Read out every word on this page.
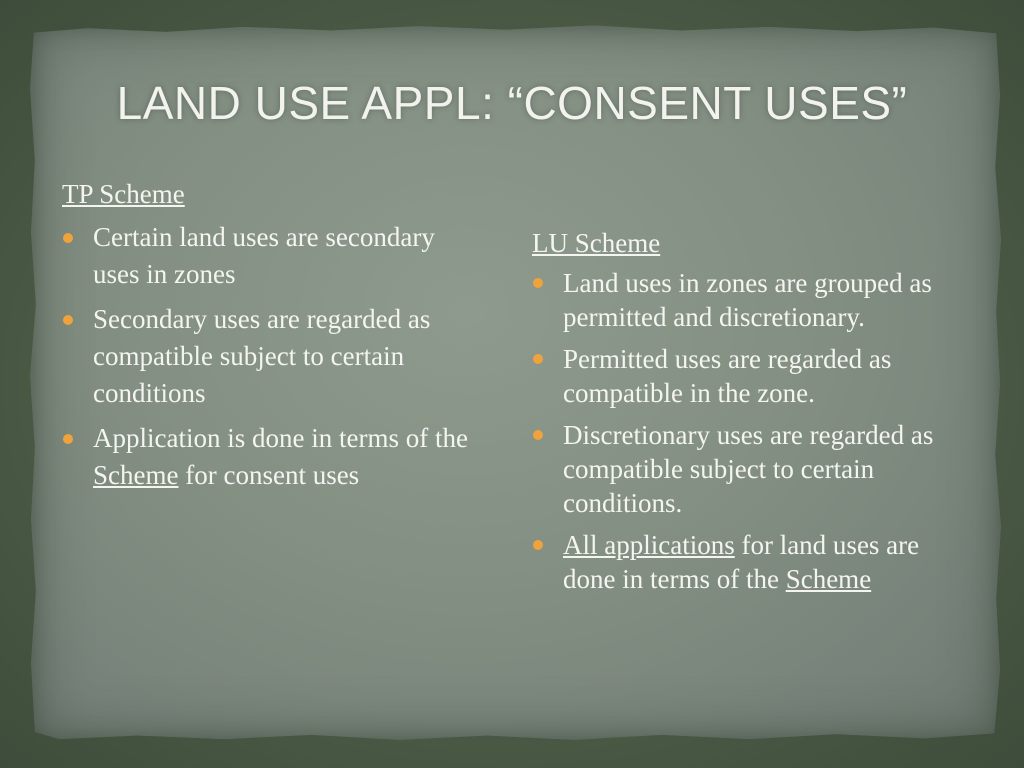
LAND USE APPL: “CONSENT USES”
TP Scheme
Certain land uses are secondary uses in zones
Secondary uses are regarded as compatible subject to certain conditions
Application is done in terms of the Scheme for consent uses
LU Scheme
Land uses in zones are grouped as permitted and discretionary.
Permitted uses are regarded as compatible in the zone.
Discretionary uses are regarded as compatible subject to certain conditions.
All applications for land uses are done in terms of the Scheme
